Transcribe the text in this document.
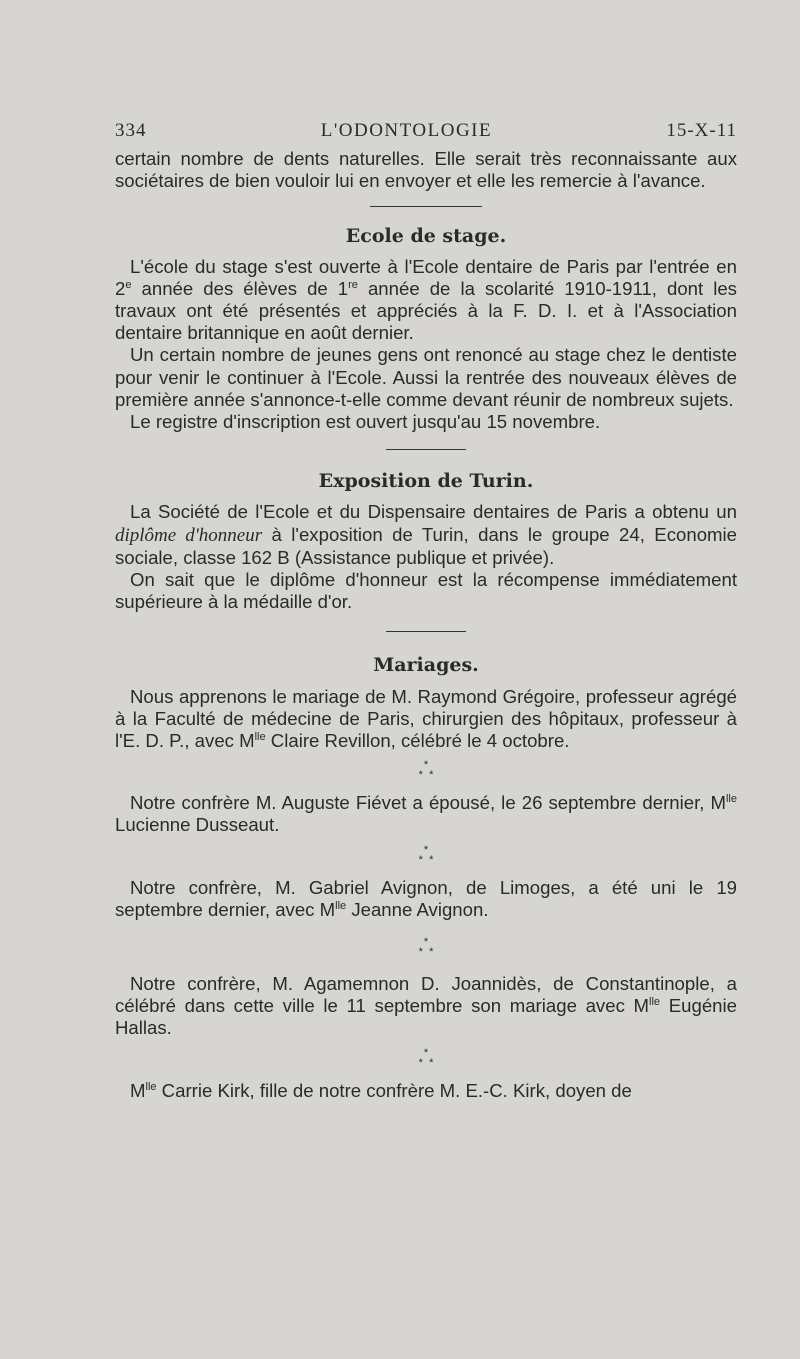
334	L'ODONTOLOGIE	15-X-11

certain nombre de dents naturelles. Elle serait très reconnaissante aux sociétaires de bien vouloir lui en envoyer et elle les remercie à l'avance.

Ecole de stage.

L'école du stage s'est ouverte à l'Ecole dentaire de Paris par l'entrée en 2e année des élèves de 1re année de la scolarité 1910-1911, dont les travaux ont été présentés et appréciés à la F. D. I. et à l'Association dentaire britannique en août dernier.

Un certain nombre de jeunes gens ont renoncé au stage chez le dentiste pour venir le continuer à l'Ecole. Aussi la rentrée des nouveaux élèves de première année s'annonce-t-elle comme devant réunir de nombreux sujets.

Le registre d'inscription est ouvert jusqu'au 15 novembre.

Exposition de Turin.

La Société de l'Ecole et du Dispensaire dentaires de Paris a obtenu un diplôme d'honneur à l'exposition de Turin, dans le groupe 24, Economie sociale, classe 162 B (Assistance publique et privée).

On sait que le diplôme d'honneur est la récompense immédiatement supérieure à la médaille d'or.

Mariages.

Nous apprenons le mariage de M. Raymond Grégoire, professeur agrégé à la Faculté de médecine de Paris, chirurgien des hôpitaux, professeur à l'E. D. P., avec $M^{lle}$ Claire Revillon, célébré le 4 octobre.

*
* *

Notre confrère M. Auguste Fiévet a épousé, le 26 septembre dernier, $M^{lle}$ Lucienne Dusseaut.

*
* *

Notre confrère, M. Gabriel Avignon, de Limoges, a été uni le 19 septembre dernier, avec $M^{lle}$ Jeanne Avignon.

*
* *

Notre confrère, M. Agamemnon D. Joannidès, de Constantinople, a célébré dans cette ville le 11 septembre son mariage avec $M^{lle}$ Eugénie Hallas.

*
* *

$M^{lle}$ Carrie Kirk, fille de notre confrère M. E.-C. Kirk, doyen de
